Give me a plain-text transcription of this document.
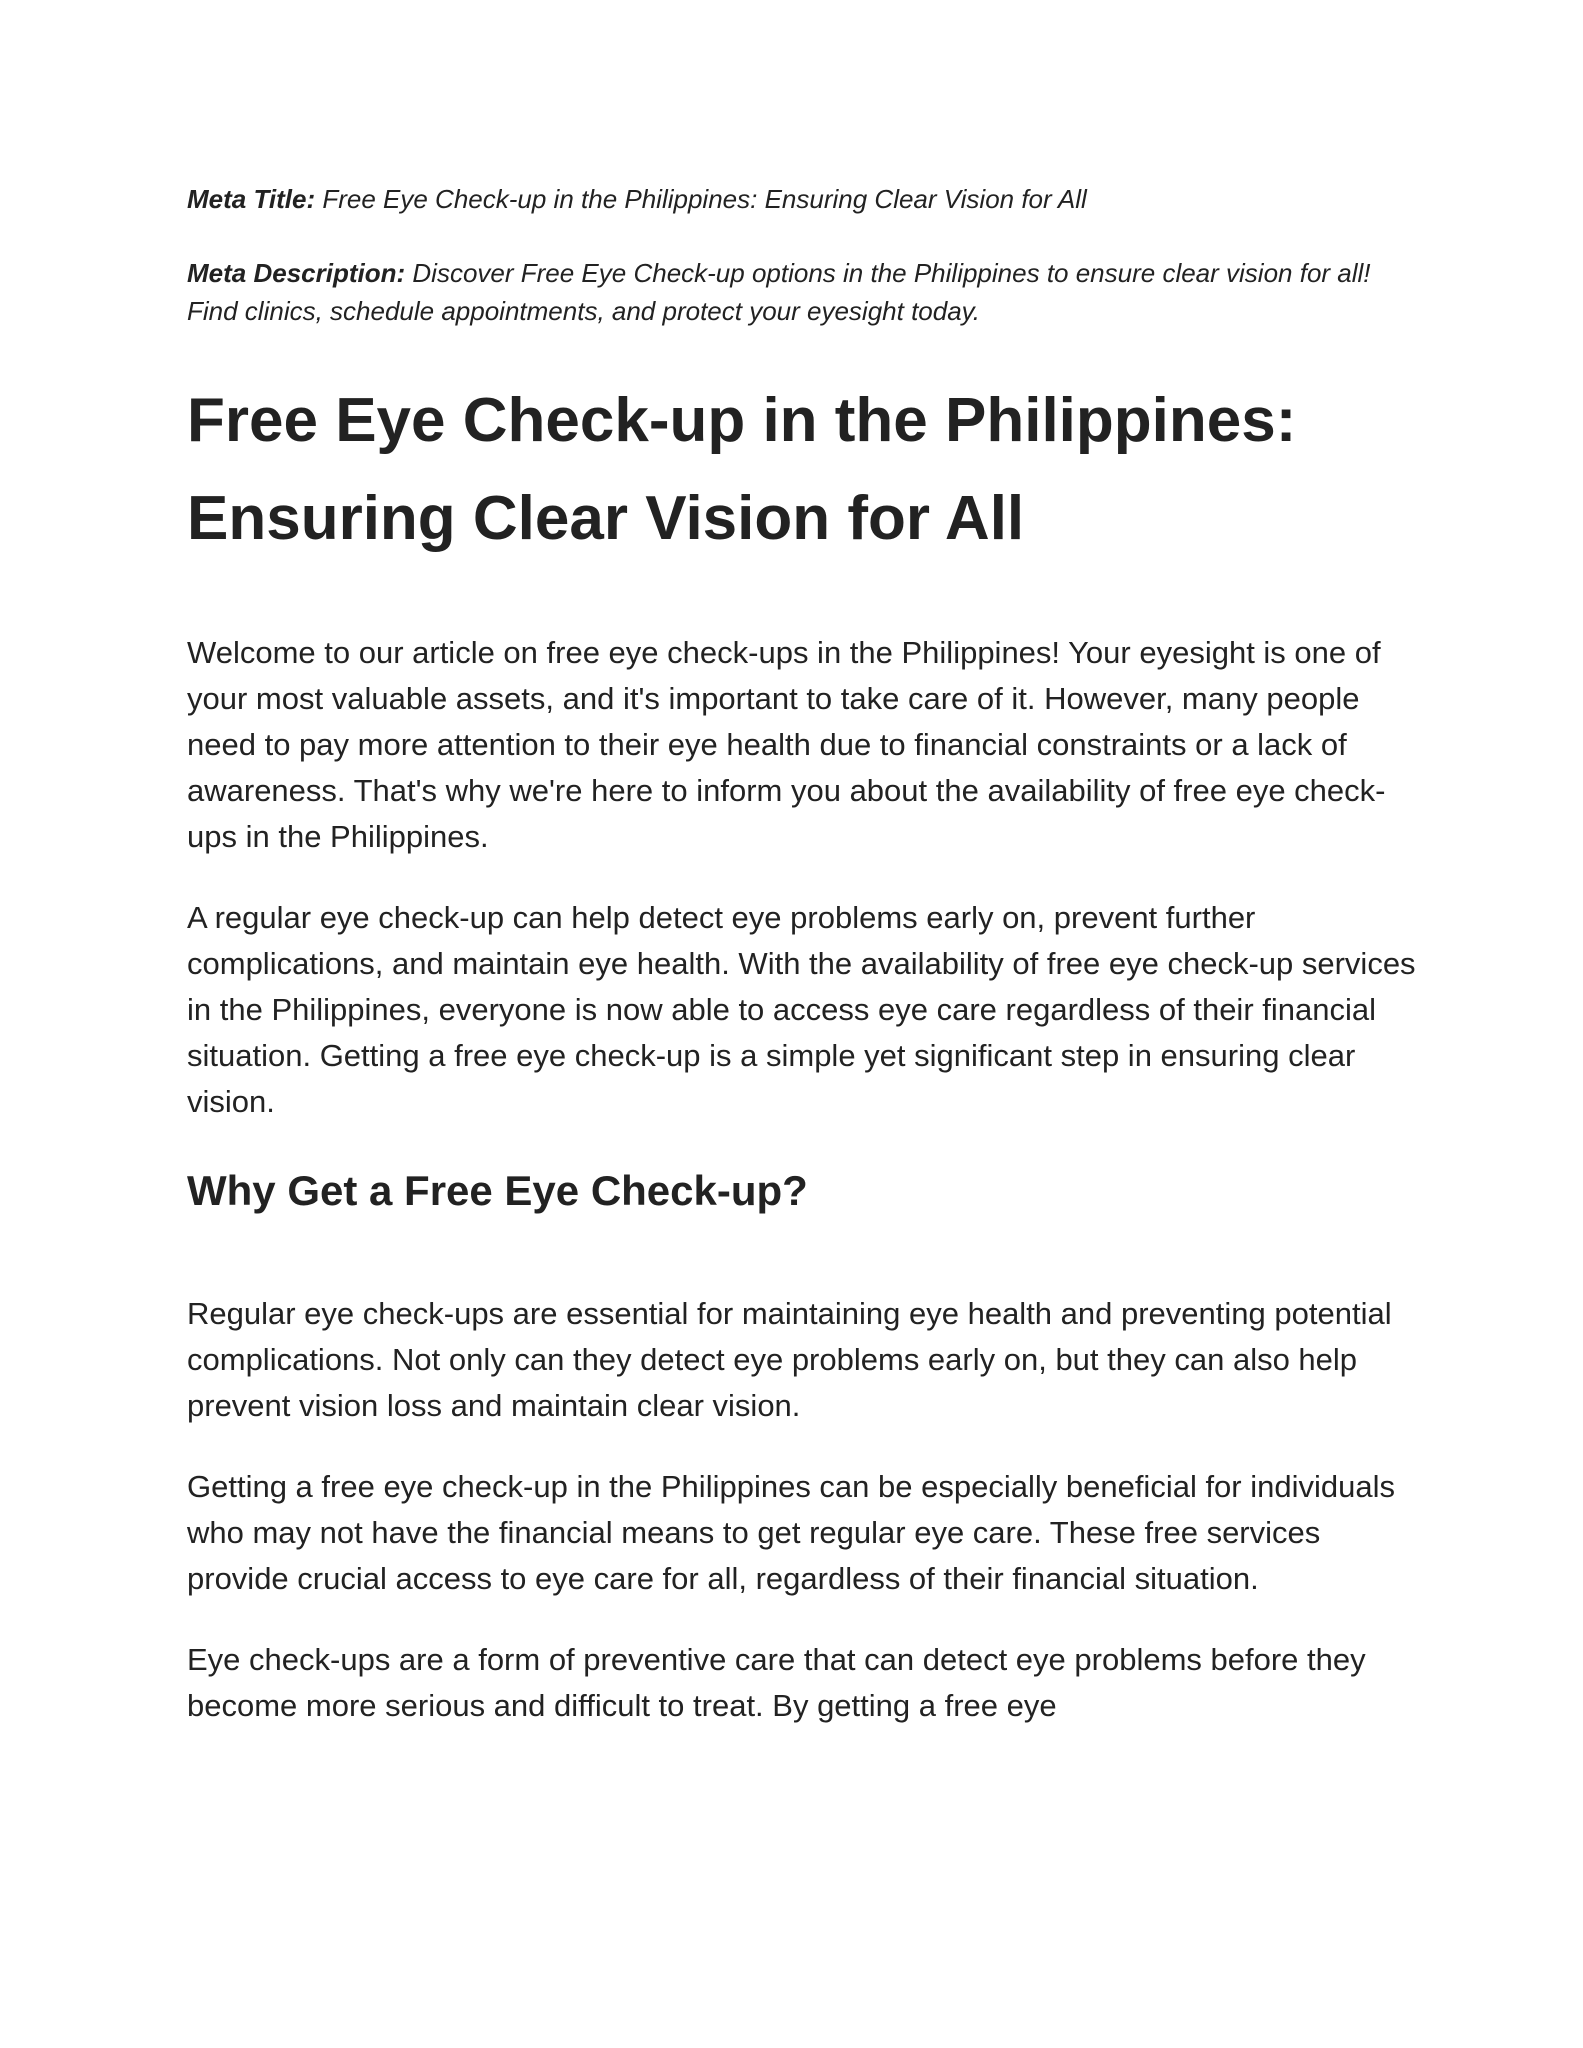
Meta Title: Free Eye Check-up in the Philippines: Ensuring Clear Vision for All

Meta Description: Discover Free Eye Check-up options in the Philippines to ensure clear vision for all! Find clinics, schedule appointments, and protect your eyesight today.

Free Eye Check-up in the Philippines: Ensuring Clear Vision for All

Welcome to our article on free eye check-ups in the Philippines! Your eyesight is one of your most valuable assets, and it's important to take care of it. However, many people need to pay more attention to their eye health due to financial constraints or a lack of awareness. That's why we're here to inform you about the availability of free eye check-ups in the Philippines.

A regular eye check-up can help detect eye problems early on, prevent further complications, and maintain eye health. With the availability of free eye check-up services in the Philippines, everyone is now able to access eye care regardless of their financial situation. Getting a free eye check-up is a simple yet significant step in ensuring clear vision.

Why Get a Free Eye Check-up?

Regular eye check-ups are essential for maintaining eye health and preventing potential complications. Not only can they detect eye problems early on, but they can also help prevent vision loss and maintain clear vision.

Getting a free eye check-up in the Philippines can be especially beneficial for individuals who may not have the financial means to get regular eye care. These free services provide crucial access to eye care for all, regardless of their financial situation.

Eye check-ups are a form of preventive care that can detect eye problems before they become more serious and difficult to treat. By getting a free eye
